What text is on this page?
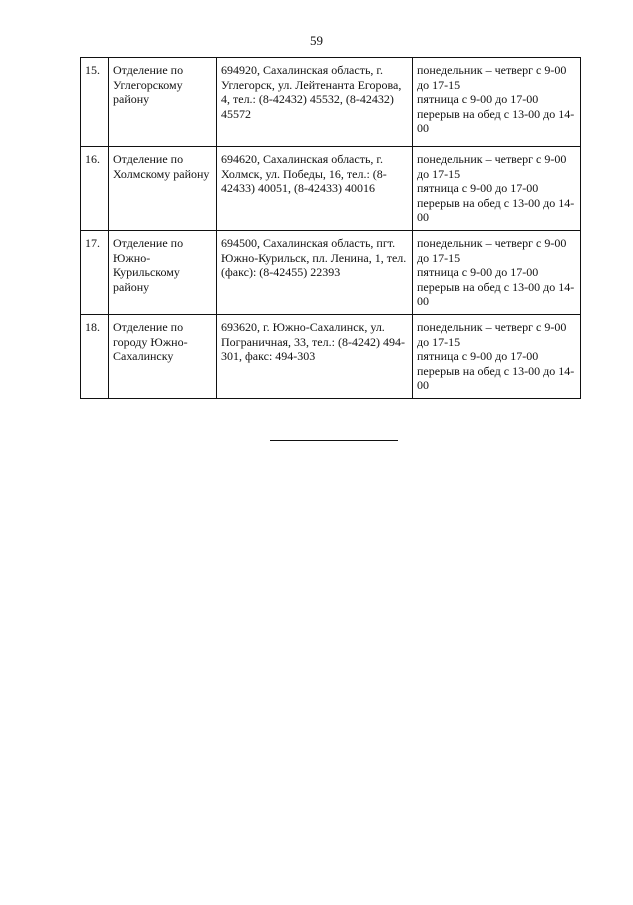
59
15.	Отделение по Углегорскому району	694920, Сахалинская область, г. Углегорск, ул. Лейтенанта Егорова, 4, тел.: (8-42432) 45532, (8-42432) 45572	понедельник – четверг с 9-00 до 17-15
пятница с 9-00 до 17-00
перерыв на обед с 13-00 до 14-00

16.	Отделение по Холмскому району	694620, Сахалинская область, г. Холмск, ул. Победы, 16, тел.: (8-42433) 40051, (8-42433) 40016	понедельник – четверг с 9-00 до 17-15
пятница с 9-00 до 17-00
перерыв на обед с 13-00 до 14-00

17.	Отделение по Южно-Курильскому району	694500, Сахалинская область, пгт. Южно-Курильск, пл. Ленина, 1, тел. (факс): (8-42455) 22393	понедельник – четверг с 9-00 до 17-15
пятница с 9-00 до 17-00
перерыв на обед с 13-00 до 14-00

18.	Отделение по городу Южно-Сахалинску	693620, г. Южно-Сахалинск, ул. Пограничная, 33, тел.: (8-4242) 494-301, факс: 494-303	понедельник – четверг с 9-00 до 17-15
пятница с 9-00 до 17-00
перерыв на обед с 13-00 до 14-00
